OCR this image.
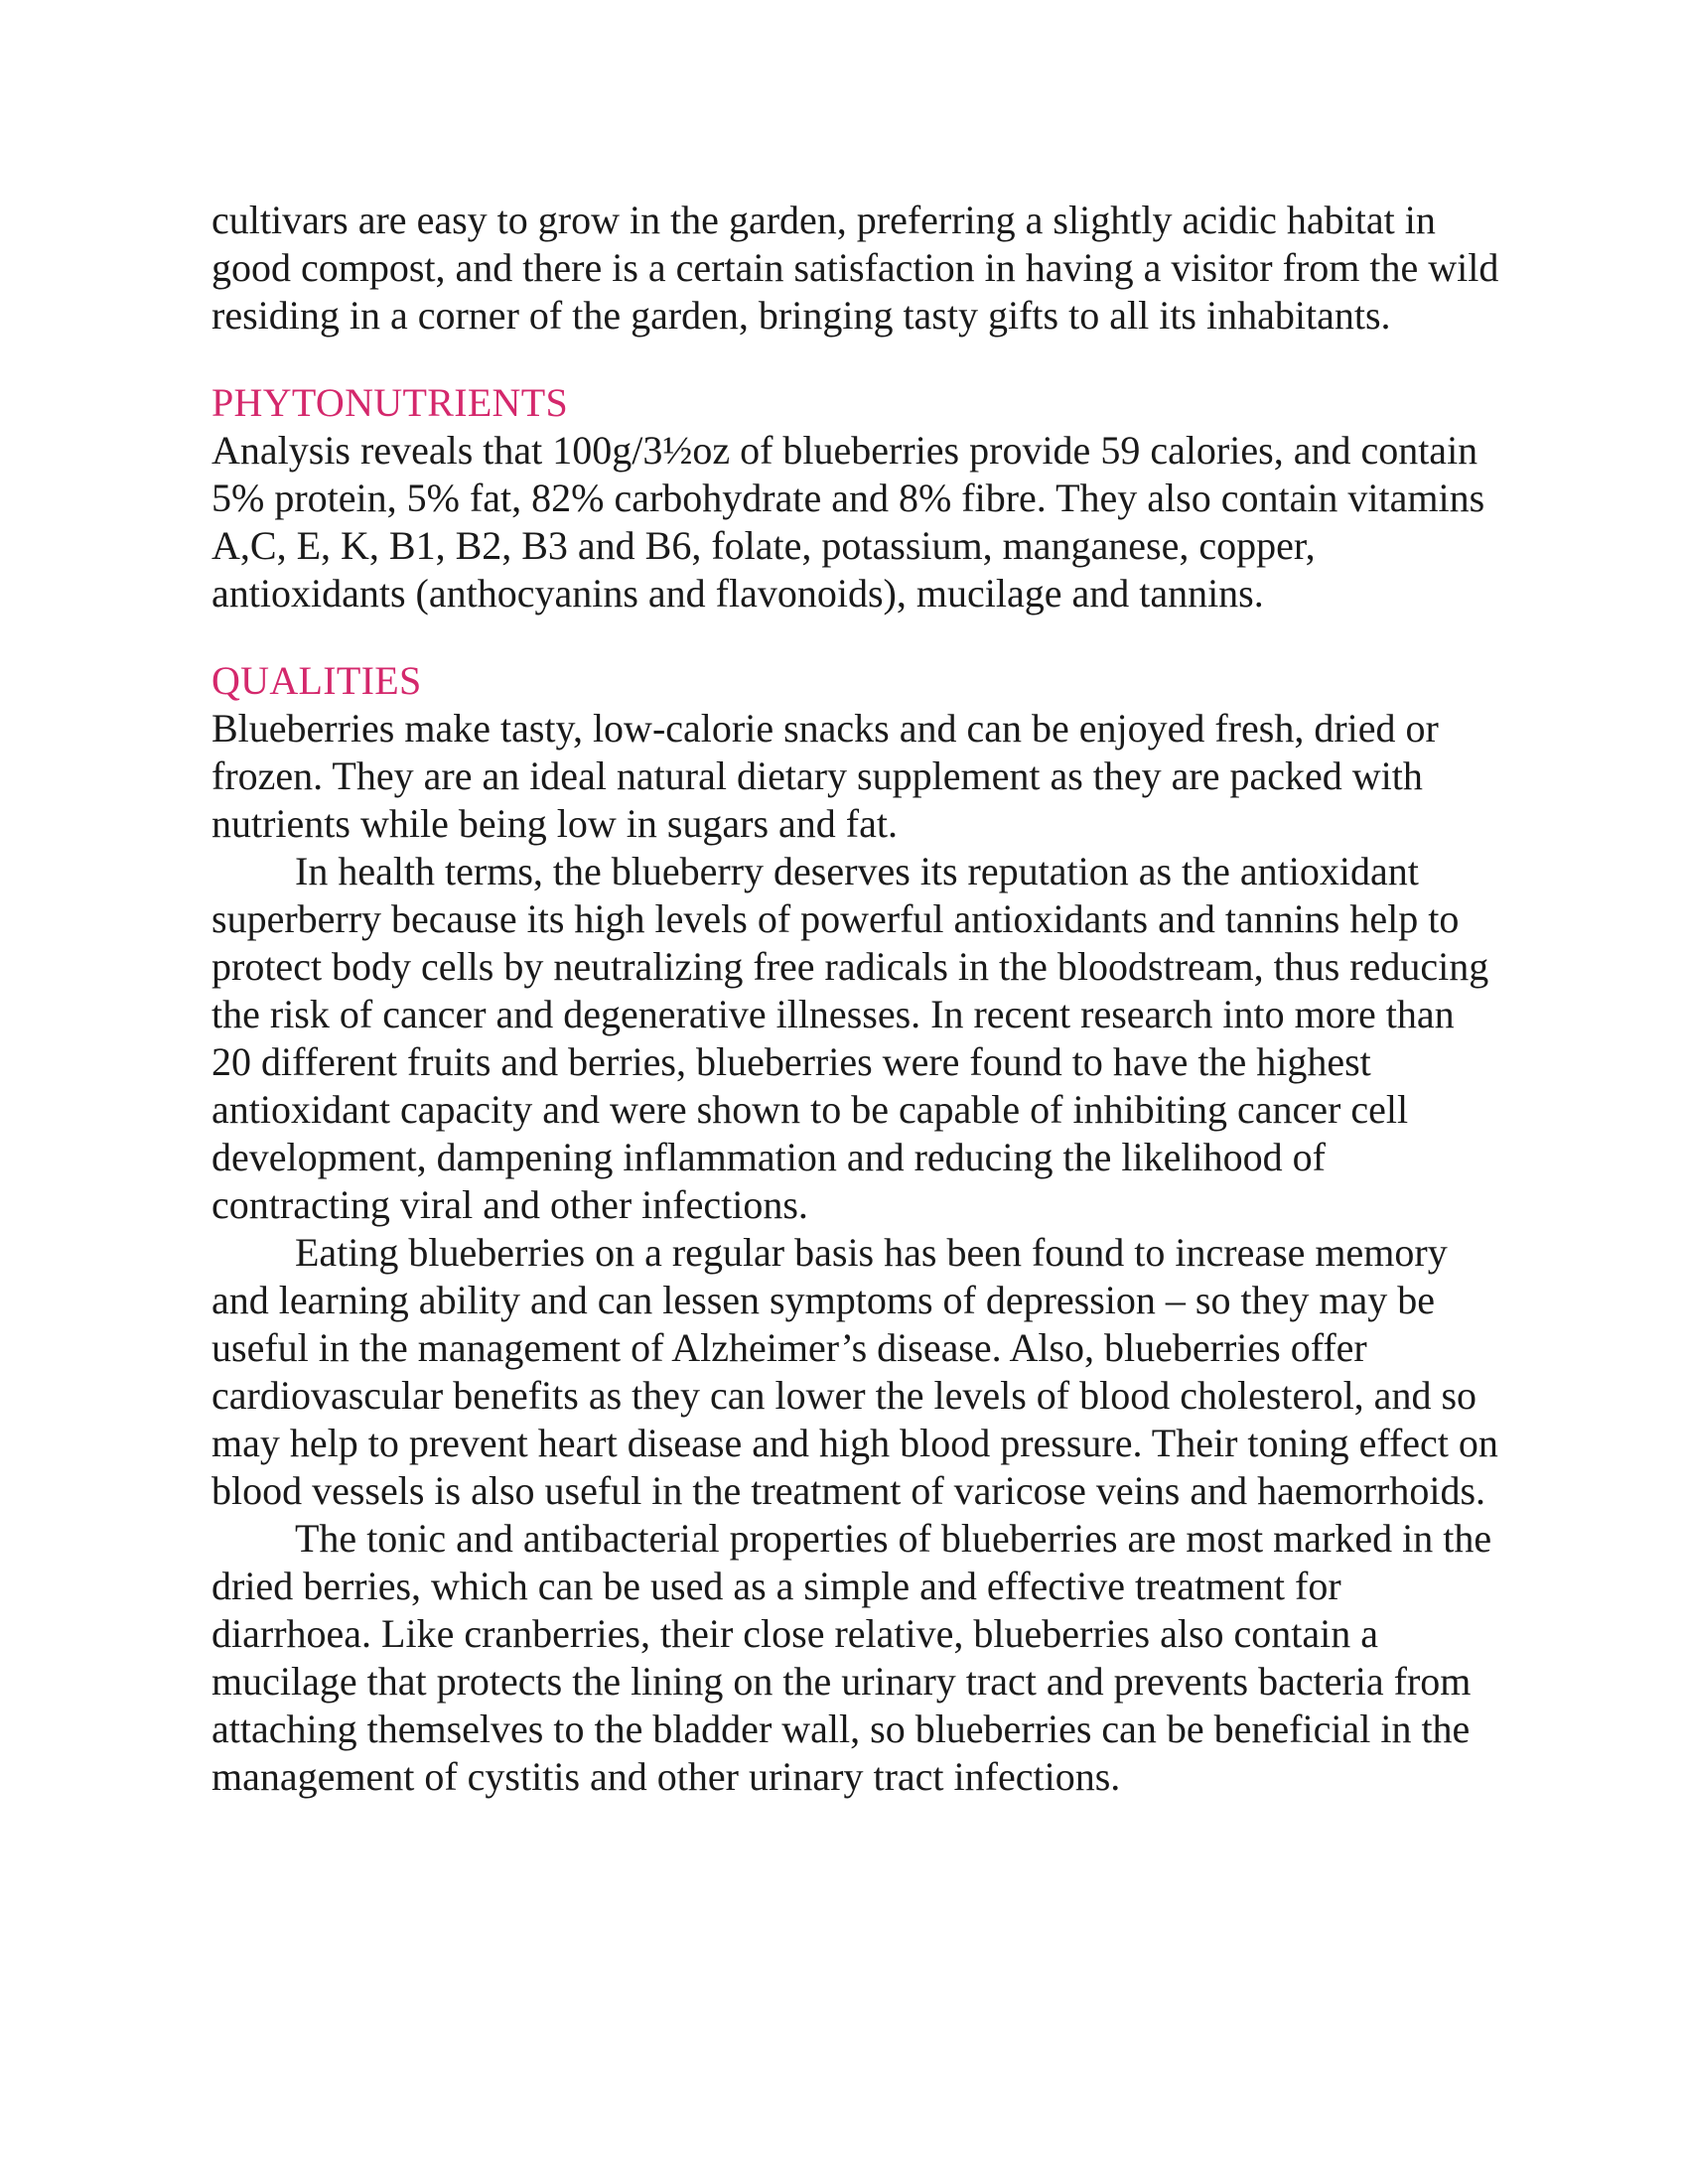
cultivars are easy to grow in the garden, preferring a slightly acidic habitat in good compost, and there is a certain satisfaction in having a visitor from the wild residing in a corner of the garden, bringing tasty gifts to all its inhabitants.

PHYTONUTRIENTS

Analysis reveals that 100g/3½oz of blueberries provide 59 calories, and contain 5% protein, 5% fat, 82% carbohydrate and 8% fibre. They also contain vitamins A,C, E, K, B1, B2, B3 and B6, folate, potassium, manganese, copper, antioxidants (anthocyanins and flavonoids), mucilage and tannins.

QUALITIES

Blueberries make tasty, low-calorie snacks and can be enjoyed fresh, dried or frozen. They are an ideal natural dietary supplement as they are packed with nutrients while being low in sugars and fat.

In health terms, the blueberry deserves its reputation as the antioxidant superberry because its high levels of powerful antioxidants and tannins help to protect body cells by neutralizing free radicals in the bloodstream, thus reducing the risk of cancer and degenerative illnesses. In recent research into more than 20 different fruits and berries, blueberries were found to have the highest antioxidant capacity and were shown to be capable of inhibiting cancer cell development, dampening inflammation and reducing the likelihood of contracting viral and other infections.

Eating blueberries on a regular basis has been found to increase memory and learning ability and can lessen symptoms of depression – so they may be useful in the management of Alzheimer’s disease. Also, blueberries offer cardiovascular benefits as they can lower the levels of blood cholesterol, and so may help to prevent heart disease and high blood pressure. Their toning effect on blood vessels is also useful in the treatment of varicose veins and haemorrhoids.

The tonic and antibacterial properties of blueberries are most marked in the dried berries, which can be used as a simple and effective treatment for diarrhoea. Like cranberries, their close relative, blueberries also contain a mucilage that protects the lining on the urinary tract and prevents bacteria from attaching themselves to the bladder wall, so blueberries can be beneficial in the management of cystitis and other urinary tract infections.
